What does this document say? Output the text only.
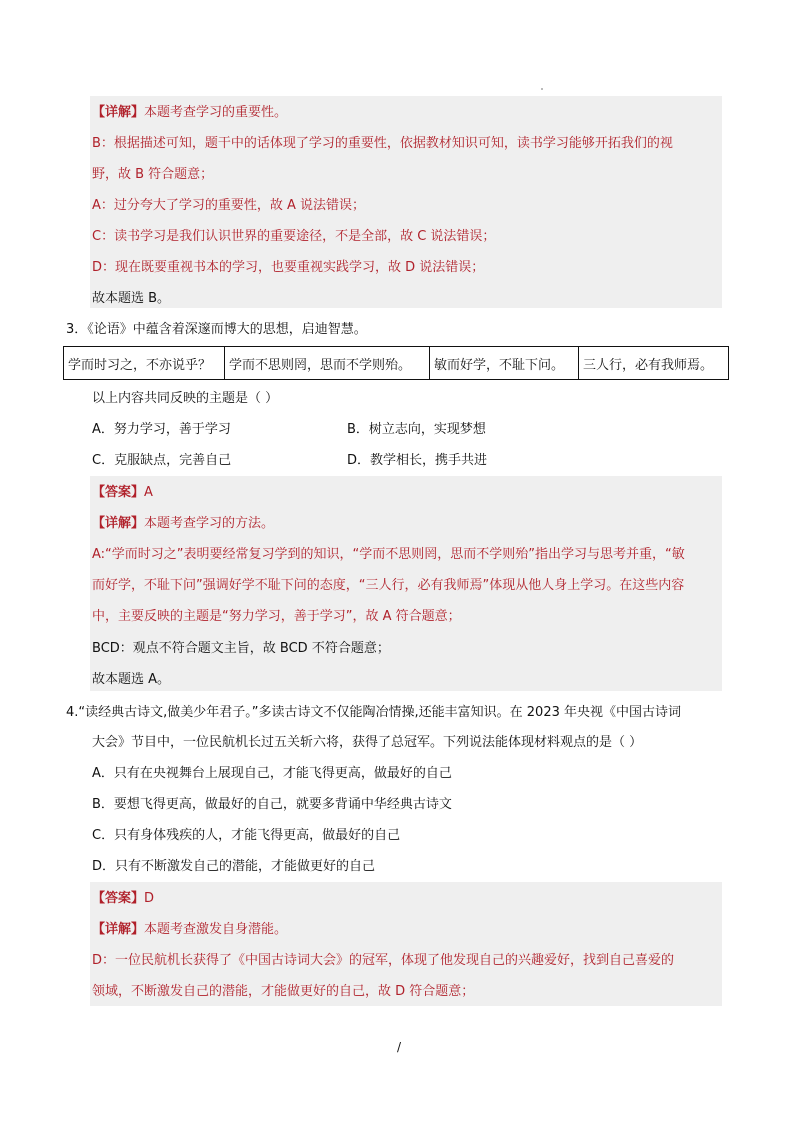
【详解】本题考查学习的重要性。
B：根据描述可知，题干中的话体现了学习的重要性，依据教材知识可知，读书学习能够开拓我们的视
野，故 B 符合题意；
A：过分夸大了学习的重要性，故 A 说法错误；
C：读书学习是我们认识世界的重要途径，不是全部，故 C 说法错误；
D：现在既要重视书本的学习，也要重视实践学习，故 D 说法错误；
故本题选 B。
3．《论语》中蕴含着深邃而博大的思想，启迪智慧。
学而时习之，不亦说乎？	学而不思则罔，思而不学则殆。	敏而好学，不耻下问。	三人行，必有我师焉。
以上内容共同反映的主题是（ ）
A．努力学习，善于学习	B．树立志向，实现梦想
C．克服缺点，完善自己	D．教学相长，携手共进
【答案】A
【详解】本题考查学习的方法。
A:“学而时习之”表明要经常复习学到的知识，“学而不思则罔，思而不学则殆”指出学习与思考并重，“敏
而好学，不耻下问”强调好学不耻下问的态度，“三人行，必有我师焉”体现从他人身上学习。在这些内容
中，主要反映的主题是“努力学习，善于学习”，故 A 符合题意；
BCD：观点不符合题文主旨，故 BCD 不符合题意；
故本题选 A。
4.“读经典古诗文,做美少年君子。”多读古诗文不仅能陶冶情操,还能丰富知识。在 2023 年央视《中国古诗词
大会》节目中，一位民航机长过五关斩六将，获得了总冠军。下列说法能体现材料观点的是（ ）
A．只有在央视舞台上展现自己，才能飞得更高，做最好的自己
B．要想飞得更高，做最好的自己，就要多背诵中华经典古诗文
C．只有身体残疾的人，才能飞得更高，做最好的自己
D．只有不断激发自己的潜能，才能做更好的自己
【答案】D
【详解】本题考查激发自身潜能。
D：一位民航机长获得了《中国古诗词大会》的冠军，体现了他发现自己的兴趣爱好，找到自己喜爱的
领域，不断激发自己的潜能，才能做更好的自己，故 D 符合题意；
/
